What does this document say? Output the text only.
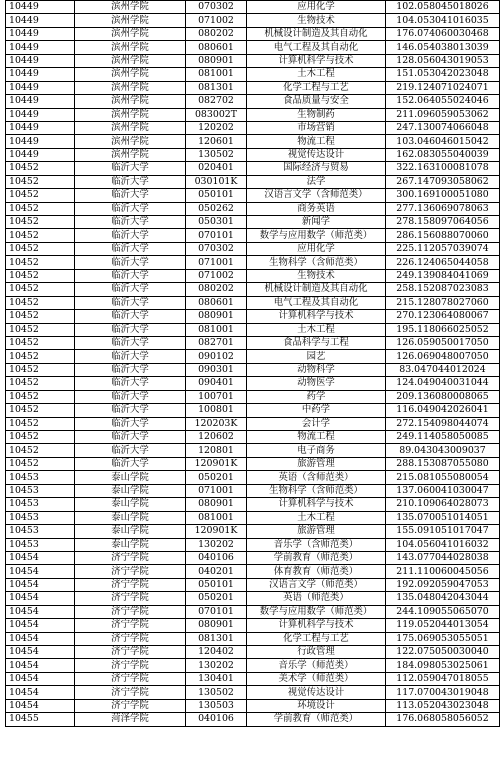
10449	滨州学院	070302	应用化学	102.058045018026
10449	滨州学院	071002	生物技术	104.053041016035
10449	滨州学院	080202	机械设计制造及其自动化	176.074060030468
10449	滨州学院	080601	电气工程及其自动化	146.054038013039
10449	滨州学院	080901	计算机科学与技术	128.056043019053
10449	滨州学院	081001	土木工程	151.053042023048
10449	滨州学院	081301	化学工程与工艺	219.124071024071
10449	滨州学院	082702	食品质量与安全	152.064055024046
10449	滨州学院	083002T	生物制药	211.096059053062
10449	滨州学院	120202	市场营销	247.130074066048
10449	滨州学院	120601	物流工程	103.046046015042
10449	滨州学院	130502	视觉传达设计	162.083055040039
10452	临沂大学	020401	国际经济与贸易	322.163100081078
10452	临沂大学	030101K	法学	267.147093058062
10452	临沂大学	050101	汉语言文学（含师范类）	300.169100051080
10452	临沂大学	050262	商务英语	277.136069078063
10452	临沂大学	050301	新闻学	278.158097064056
10452	临沂大学	070101	数学与应用数学（师范类）	286.156088070060
10452	临沂大学	070302	应用化学	225.112057039074
10452	临沂大学	071001	生物科学（含师范类）	226.124065044058
10452	临沂大学	071002	生物技术	249.139084041069
10452	临沂大学	080202	机械设计制造及其自动化	258.152087023083
10452	临沂大学	080601	电气工程及其自动化	215.128078027060
10452	临沂大学	080901	计算机科学与技术	270.123064080067
10452	临沂大学	081001	土木工程	195.118066025052
10452	临沂大学	082701	食品科学与工程	126.059050017050
10452	临沂大学	090102	园艺	126.069048007050
10452	临沂大学	090301	动物科学	83.047044012024
10452	临沂大学	090401	动物医学	124.049040031044
10452	临沂大学	100701	药学	209.136080008065
10452	临沂大学	100801	中药学	116.049042026041
10452	临沂大学	120203K	会计学	272.154098044074
10452	临沂大学	120602	物流工程	249.114058050085
10452	临沂大学	120801	电子商务	89.043043009037
10452	临沂大学	120901K	旅游管理	288.153087055080
10453	泰山学院	050201	英语（含师范类）	215.081055080054
10453	泰山学院	071001	生物科学（含师范类）	137.060041030047
10453	泰山学院	080901	计算机科学与技术	210.109064028073
10453	泰山学院	081001	土木工程	135.070051014051
10453	泰山学院	120901K	旅游管理	155.091051017047
10453	泰山学院	130202	音乐学（含师范类）	104.056041016032
10454	济宁学院	040106	学前教育（师范类）	143.077044028038
10454	济宁学院	040201	体育教育（师范类）	211.110060045056
10454	济宁学院	050101	汉语言文学（师范类）	192.092059047053
10454	济宁学院	050201	英语（师范类）	135.048042043044
10454	济宁学院	070101	数学与应用数学（师范类）	244.109055065070
10454	济宁学院	080901	计算机科学与技术	119.052044013054
10454	济宁学院	081301	化学工程与工艺	175.069053055051
10454	济宁学院	120402	行政管理	122.075050030040
10454	济宁学院	130202	音乐学（师范类）	184.098053025061
10454	济宁学院	130401	美术学（师范类）	112.059047018055
10454	济宁学院	130502	视觉传达设计	117.070043019048
10454	济宁学院	130503	环境设计	113.052043023048
10455	菏泽学院	040106	学前教育（师范类）	176.068058056052
